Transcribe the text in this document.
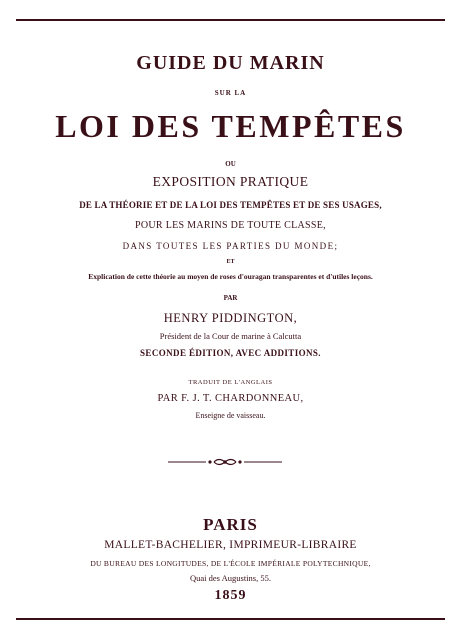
GUIDE DU MARIN
SUR LA
LOI DES TEMPÊTES
OU
EXPOSITION PRATIQUE
DE LA THÉORIE ET DE LA LOI DES TEMPÊTES ET DE SES USAGES,
POUR LES MARINS DE TOUTE CLASSE,
DANS TOUTES LES PARTIES DU MONDE;
ET
Explication de cette théorie au moyen de roses d'ouragan transparentes et d'utiles leçons.
PAR
HENRY PIDDINGTON,
Président de la Cour de marine à Calcutta
SECONDE ÉDITION, AVEC ADDITIONS.
TRADUIT DE L'ANGLAIS
PAR F. J. T. CHARDONNEAU,
Enseigne de vaisseau.
PARIS
MALLET-BACHELIER, IMPRIMEUR-LIBRAIRE
DU BUREAU DES LONGITUDES, DE L'ÉCOLE IMPÉRIALE POLYTECHNIQUE,
Quai des Augustins, 55.
1859
